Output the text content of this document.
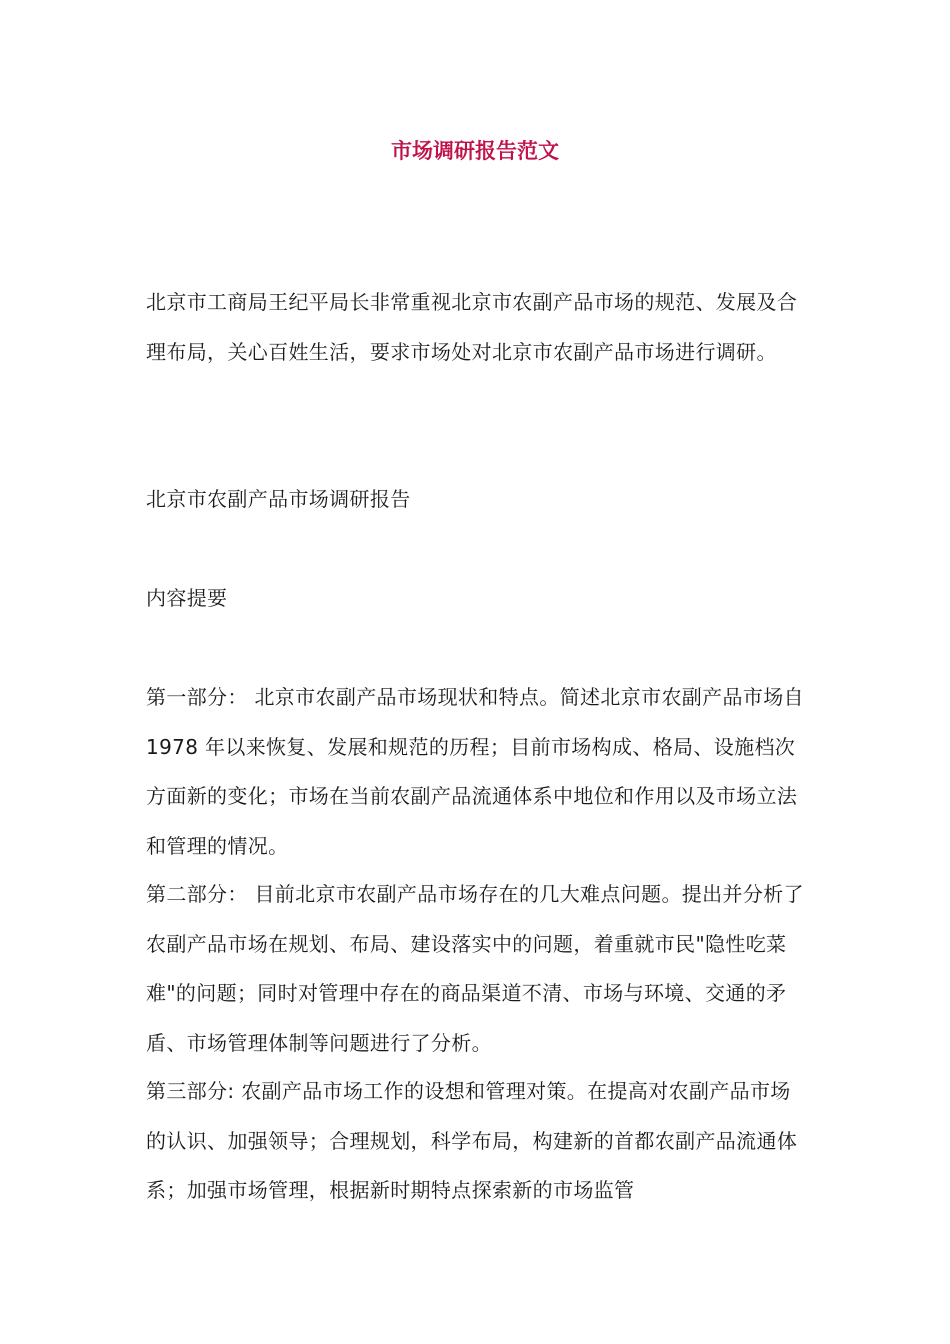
市场调研报告范文

北京市工商局王纪平局长非常重视北京市农副产品市场的规范、发展及合理布局，关心百姓生活，要求市场处对北京市农副产品市场进行调研。

北京市农副产品市场调研报告

内容提要

第一部分： 北京市农副产品市场现状和特点。简述北京市农副产品市场自 1978 年以来恢复、发展和规范的历程；目前市场构成、格局、设施档次方面新的变化；市场在当前农副产品流通体系中地位和作用以及市场立法和管理的情况。

第二部分： 目前北京市农副产品市场存在的几大难点问题。提出并分析了农副产品市场在规划、布局、建设落实中的问题，着重就市民"隐性吃菜难"的问题；同时对管理中存在的商品渠道不清、市场与环境、交通的矛盾、市场管理体制等问题进行了分析。

第三部分: 农副产品市场工作的设想和管理对策。在提高对农副产品市场的认识、加强领导；合理规划，科学布局，构建新的首都农副产品流通体系；加强市场管理，根据新时期特点探索新的市场监管
